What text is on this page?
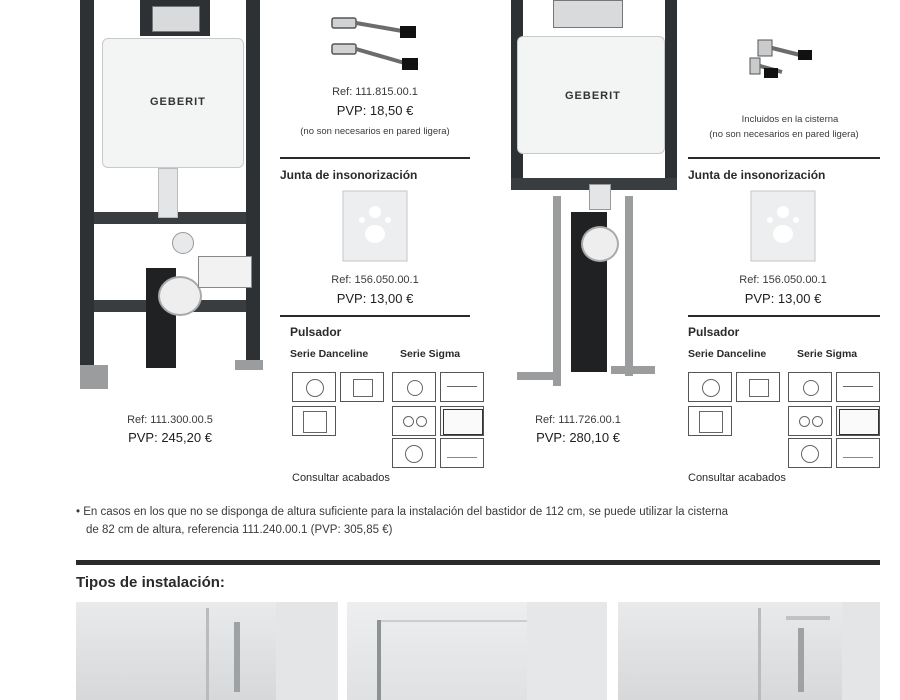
GEBERIT
Ref: 111.300.00.5
PVP: 245,20 €
Ref: 111.815.00.1
PVP: 18,50 €
(no son necesarios en pared ligera)
Junta de insonorización
Ref: 156.050.00.1
PVP: 13,00 €
Pulsador
Serie Danceline	Serie Sigma
Consultar acabados
GEBERIT
Ref: 111.726.00.1
PVP: 280,10 €
Incluidos en la cisterna
(no son necesarios en pared ligera)
Junta de insonorización
Ref: 156.050.00.1
PVP: 13,00 €
Pulsador
Serie Danceline	Serie Sigma
Consultar acabados
• En casos en los que no se disponga de altura suficiente para la instalación del bastidor de 112 cm, se puede utilizar la cisterna
de 82 cm de altura, referencia 111.240.00.1 (PVP: 305,85 €)
Tipos de instalación:
